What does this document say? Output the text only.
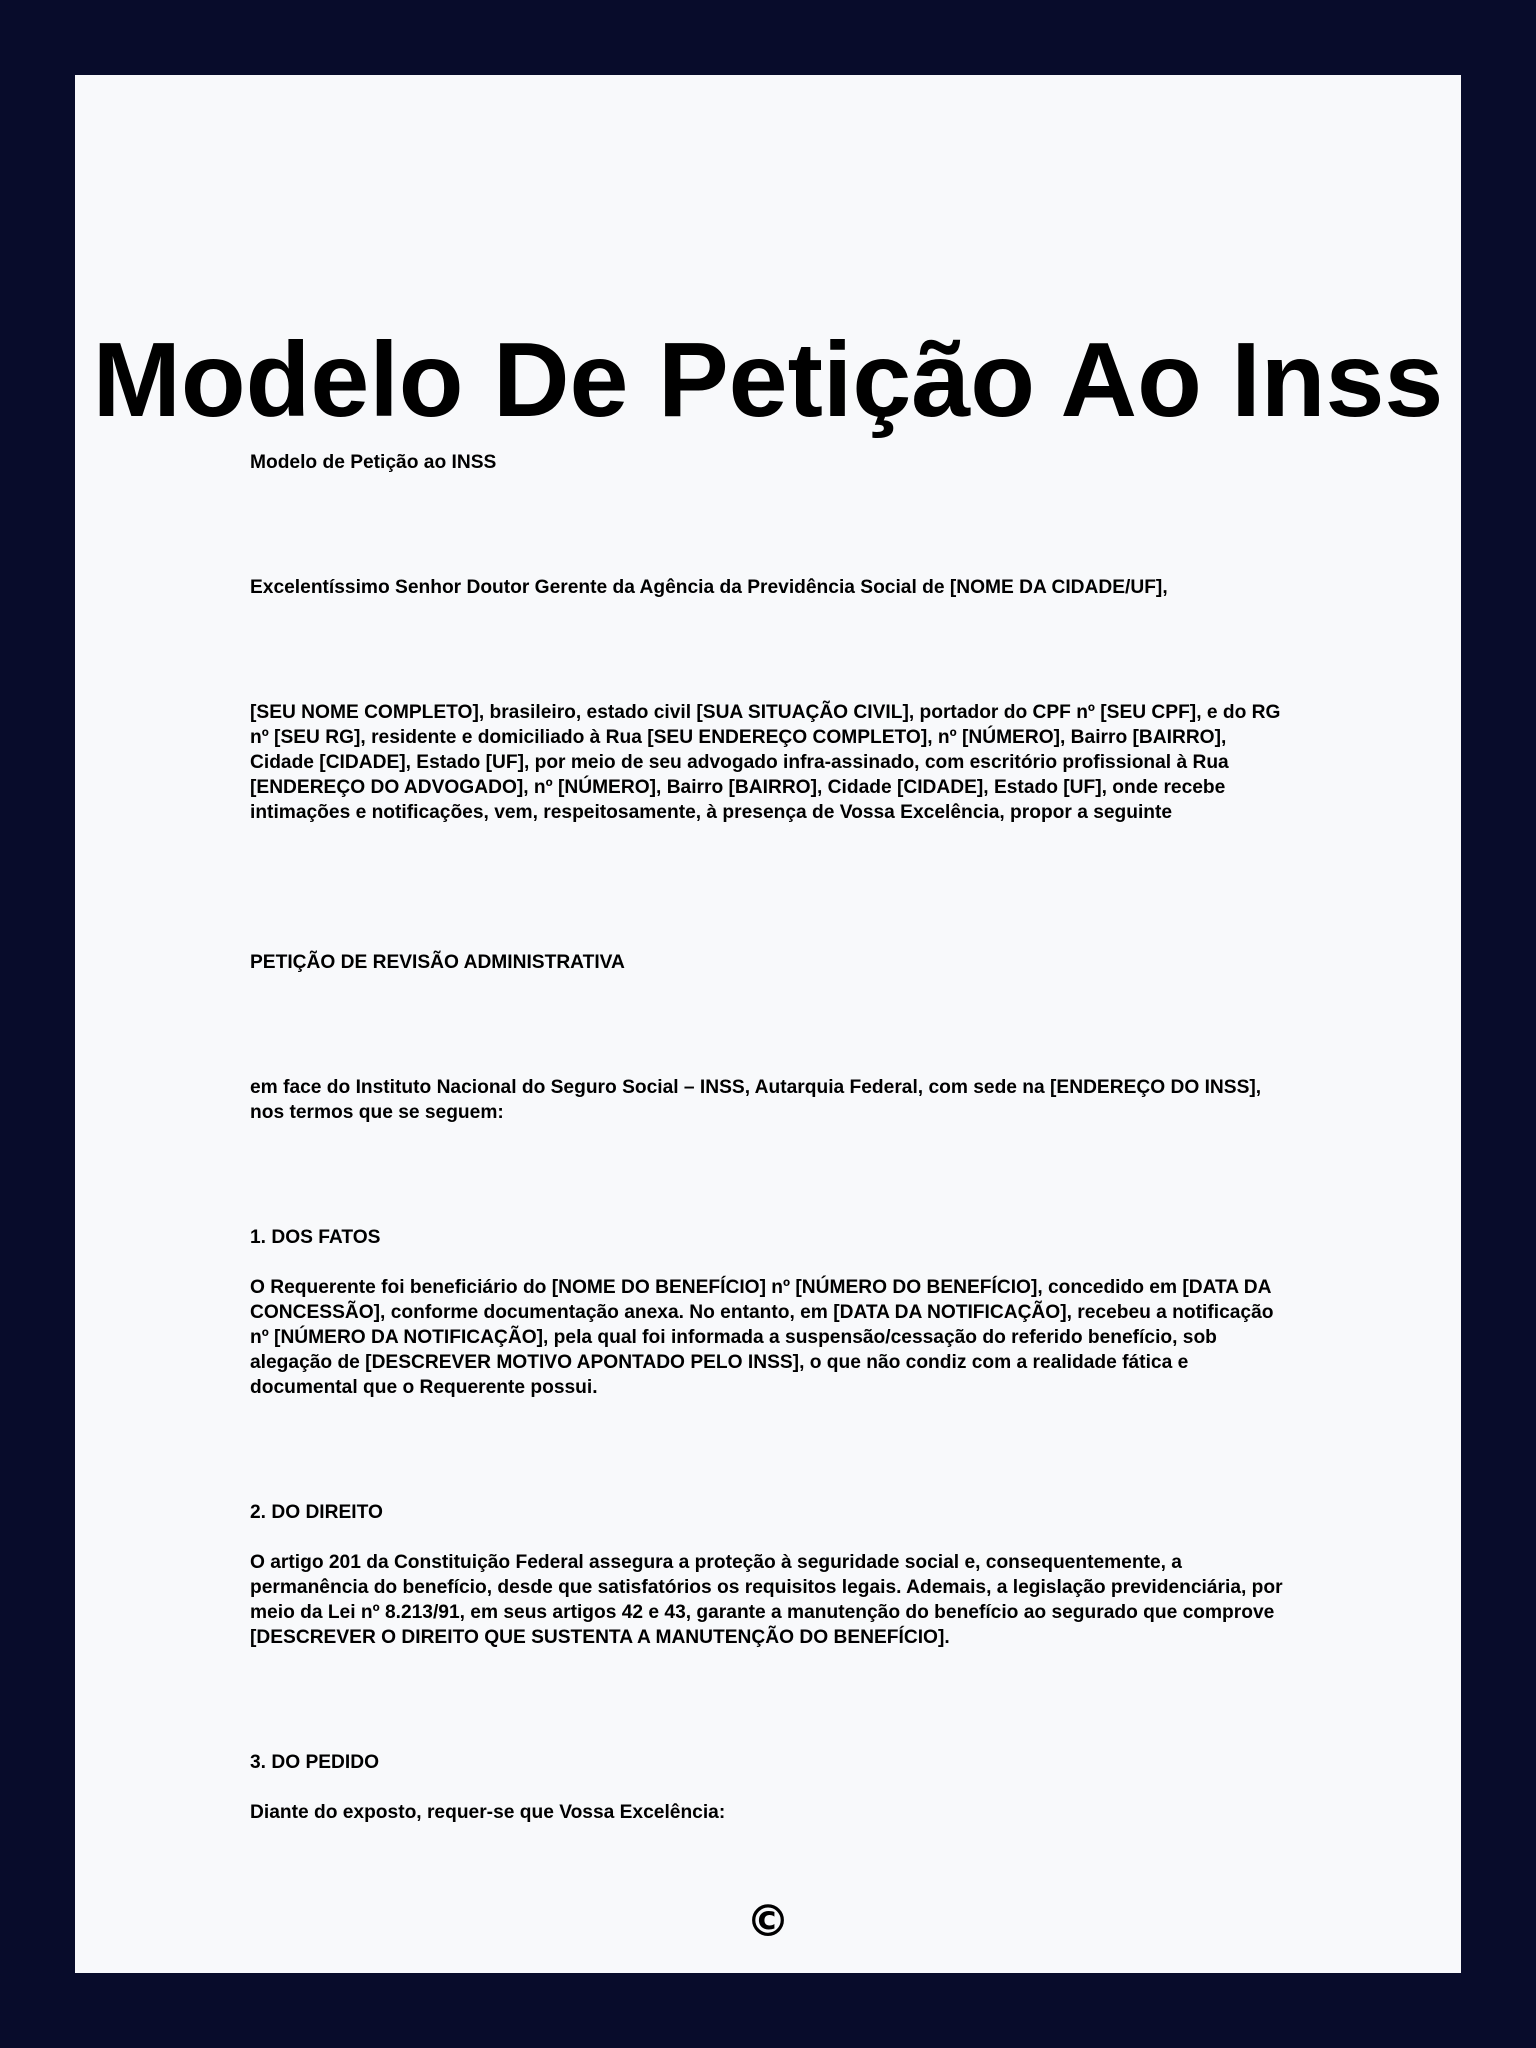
Modelo De Petição Ao Inss

Modelo de Petição ao INSS

Excelentíssimo Senhor Doutor Gerente da Agência da Previdência Social de [NOME DA CIDADE/UF],

[SEU NOME COMPLETO], brasileiro, estado civil [SUA SITUAÇÃO CIVIL], portador do CPF nº [SEU CPF], e do RG nº [SEU RG], residente e domiciliado à Rua [SEU ENDEREÇO COMPLETO], nº [NÚMERO], Bairro [BAIRRO], Cidade [CIDADE], Estado [UF], por meio de seu advogado infra-assinado, com escritório profissional à Rua [ENDEREÇO DO ADVOGADO], nº [NÚMERO], Bairro [BAIRRO], Cidade [CIDADE], Estado [UF], onde recebe intimações e notificações, vem, respeitosamente, à presença de Vossa Excelência, propor a seguinte

PETIÇÃO DE REVISÃO ADMINISTRATIVA

em face do Instituto Nacional do Seguro Social – INSS, Autarquia Federal, com sede na [ENDEREÇO DO INSS], nos termos que se seguem:

1. DOS FATOS

O Requerente foi beneficiário do [NOME DO BENEFÍCIO] nº [NÚMERO DO BENEFÍCIO], concedido em [DATA DA CONCESSÃO], conforme documentação anexa. No entanto, em [DATA DA NOTIFICAÇÃO], recebeu a notificação nº [NÚMERO DA NOTIFICAÇÃO], pela qual foi informada a suspensão/cessação do referido benefício, sob alegação de [DESCREVER MOTIVO APONTADO PELO INSS], o que não condiz com a realidade fática e documental que o Requerente possui.

2. DO DIREITO

O artigo 201 da Constituição Federal assegura a proteção à seguridade social e, consequentemente, a permanência do benefício, desde que satisfatórios os requisitos legais. Ademais, a legislação previdenciária, por meio da Lei nº 8.213/91, em seus artigos 42 e 43, garante a manutenção do benefício ao segurado que comprove [DESCREVER O DIREITO QUE SUSTENTA A MANUTENÇÃO DO BENEFÍCIO].

3. DO PEDIDO

Diante do exposto, requer-se que Vossa Excelência:

©
